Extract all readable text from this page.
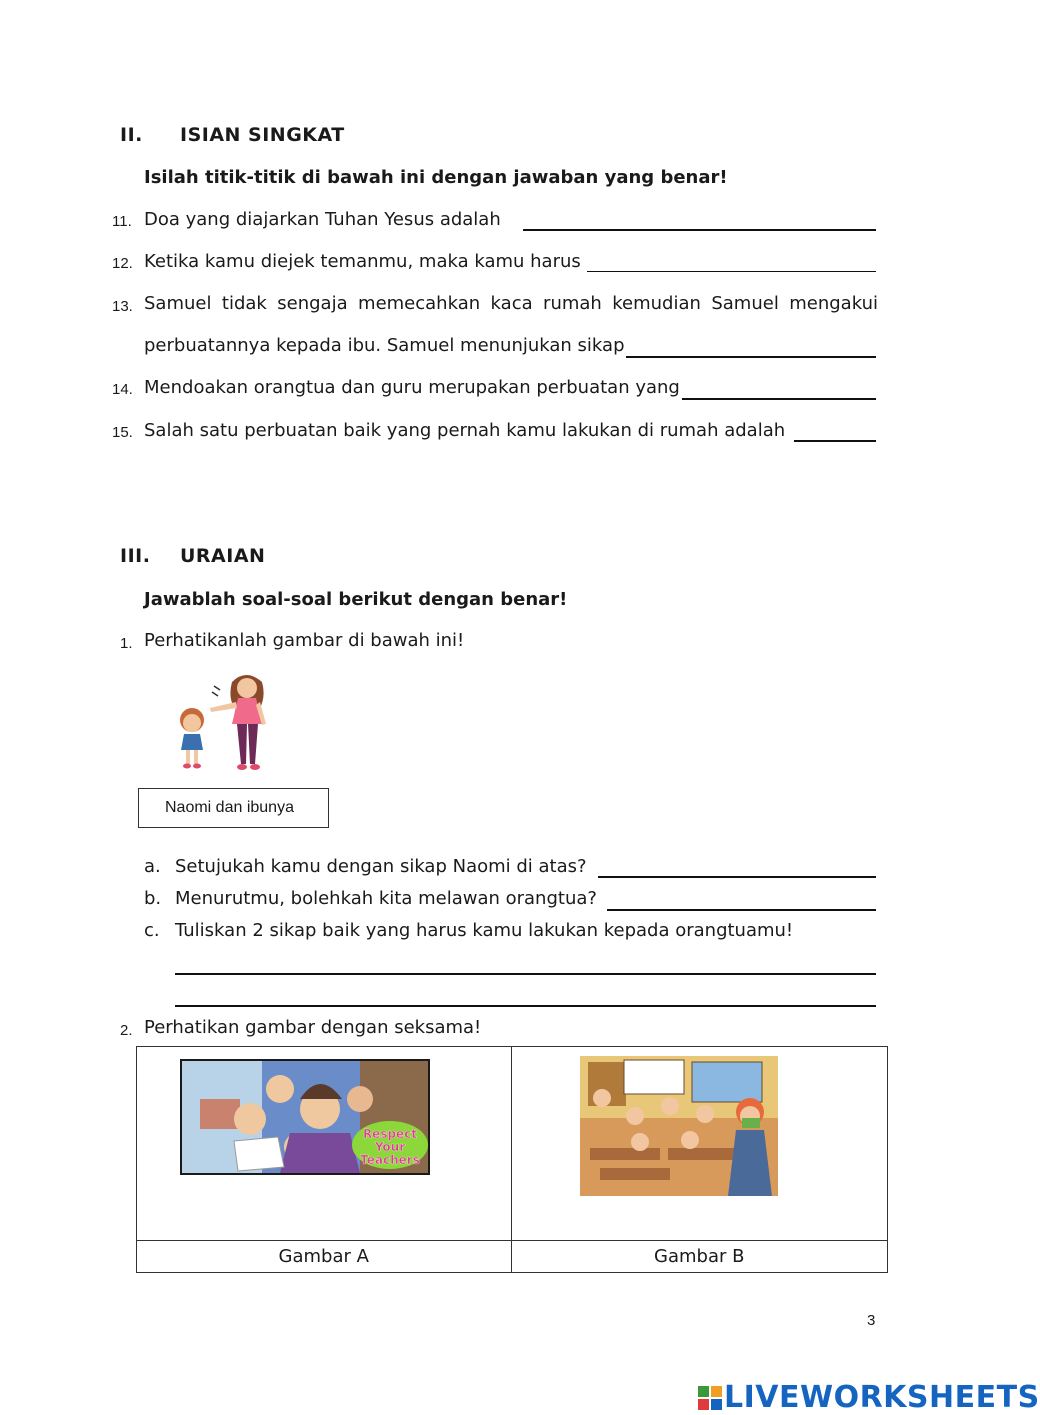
II. ISIAN SINGKAT
Isilah titik-titik di bawah ini dengan jawaban yang benar!
11. Doa yang diajarkan Tuhan Yesus adalah
12. Ketika kamu diejek temanmu, maka kamu harus
13. Samuel tidak sengaja memecahkan kaca rumah kemudian Samuel mengakui
perbuatannya kepada ibu. Samuel menunjukan sikap
14. Mendoakan orangtua dan guru merupakan perbuatan yang
15. Salah satu perbuatan baik yang pernah kamu lakukan di rumah adalah
III. URAIAN
Jawablah soal-soal berikut dengan benar!
1. Perhatikanlah gambar di bawah ini!
Naomi dan ibunya
a. Setujukah kamu dengan sikap Naomi di atas?
b. Menurutmu, bolehkah kita melawan orangtua?
c. Tuliskan 2 sikap baik yang harus kamu lakukan kepada orangtuamu!
2. Perhatikan gambar dengan seksama!
Respect
Your
Teachers

Gambar A	Gambar B
3
LIVEWORKSHEETS
